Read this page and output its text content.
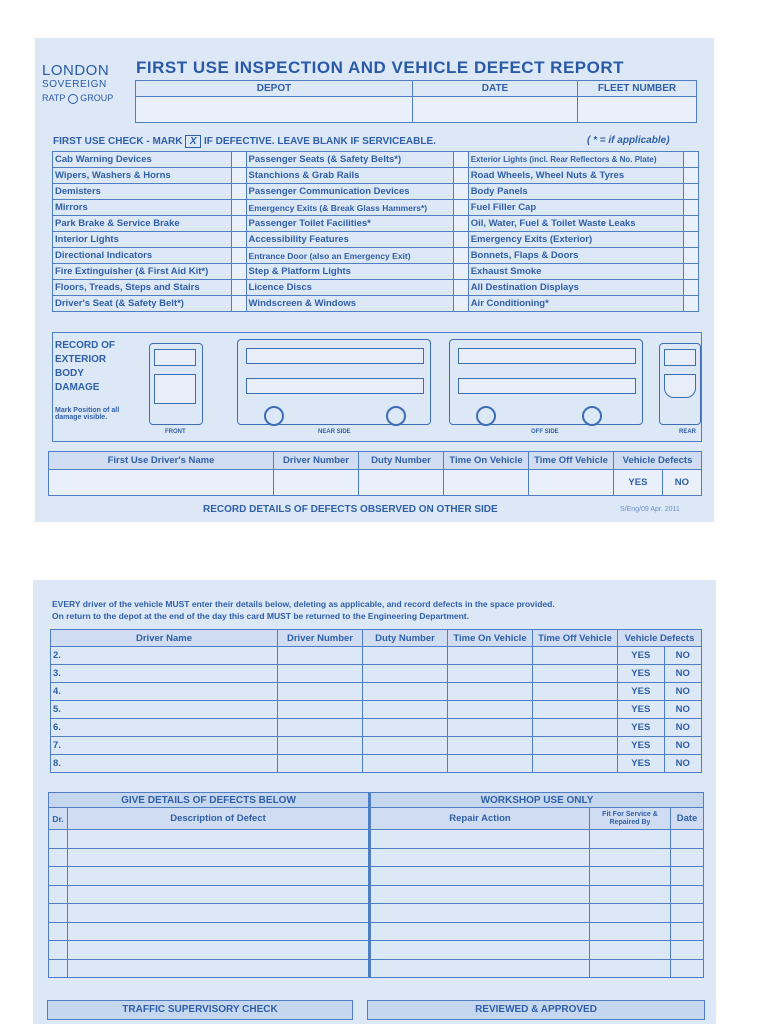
LONDON
SOVEREIGN
RATP GROUP
FIRST USE INSPECTION AND VEHICLE DEFECT REPORT
DEPOT	DATE	FLEET NUMBER

FIRST USE CHECK - MARK X IF DEFECTIVE. LEAVE BLANK IF SERVICEABLE.	( * = if applicable)
Cab Warning Devices		Passenger Seats (& Safety Belts*)		Exterior Lights (incl. Rear Reflectors & No. Plate)	
Wipers, Washers & Horns		Stanchions & Grab Rails		Road Wheels, Wheel Nuts & Tyres	
Demisters		Passenger Communication Devices		Body Panels	
Mirrors		Emergency Exits (& Break Glass Hammers*)		Fuel Filler Cap	
Park Brake & Service Brake		Passenger Toilet Facilities*		Oil, Water, Fuel & Toilet Waste Leaks	
Interior Lights		Accessibility Features		Emergency Exits (Exterior)	
Directional Indicators		Entrance Door (also an Emergency Exit)		Bonnets, Flaps & Doors	
Fire Extinguisher (& First Aid Kit*)		Step & Platform Lights		Exhaust Smoke	
Floors, Treads, Steps and Stairs		Licence Discs		All Destination Displays	
Driver's Seat (& Safety Belt*)		Windscreen & Windows		Air Conditioning*	
RECORD OF
EXTERIOR
BODY
DAMAGE
Mark Position of all damage visible.
FRONT	NEAR SIDE	OFF SIDE	REAR
First Use Driver's Name	Driver Number	Duty Number	Time On Vehicle	Time Off Vehicle	Vehicle Defects	
					YES	NO
RECORD DETAILS OF DEFECTS OBSERVED ON OTHER SIDE	S/Eng/09 Apr. 2011
EVERY driver of the vehicle MUST enter their details below, deleting as applicable, and record defects in the space provided.
On return to the depot at the end of the day this card MUST be returned to the Engineering Department.
Driver Name	Driver Number	Duty Number	Time On Vehicle	Time Off Vehicle	Vehicle Defects	
2.					YES	NO
3.					YES	NO
4.					YES	NO
5.					YES	NO
6.					YES	NO
7.					YES	NO
8.					YES	NO
GIVE DETAILS OF DEFECTS BELOW		WORKSHOP USE ONLY		
Dr.	Description of Defect	Repair Action	Fit For Service & Repaired By	Date

TRAFFIC SUPERVISORY CHECK	REVIEWED & APPROVED
